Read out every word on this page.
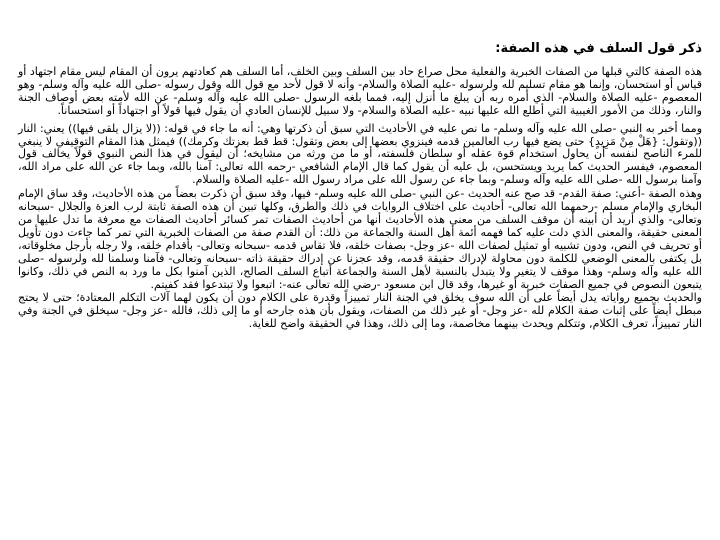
ذكر قول السلف في هذه الصفة:

هذه الصفة كالتي قبلها من الصفات الخبرية والفعلية محل صراع حاد بين السلف وبين الخلف، أما السلف هم كعادتهم يرون أن المقام ليس مقام اجتهاد أو قياس أو استحسان، وإنما هو مقام تسليم لله ولرسوله -عليه الصلاة والسلام- وأنه لا قول لأحد مع قول الله وقول رسوله -صلى الله عليه وآله وسلم- وهو المعصوم -عليه الصلاة والسلام- الذي أمره ربه أن يبلغ ما أنزل إليه، فمما بلغه الرسول -صلى الله عليه وآله وسلم- عن الله لأمته بعض أوصاف الجنة والنار، وذلك من الأمور الغيبية التي أطلع الله عليها نبيه -عليه الصلاة والسلام- ولا سبيل للإنسان العادي أن يقول فيها قولاً أو اجتهاداً أو استحساناً.

ومما أخبر به النبي -صلى الله عليه وآله وسلم- ما نص عليه في الأحاديث التي سبق أن ذكرتها وهي: أنه ما جاء في قوله: ((لا يزال يلقى فيها)) يعني: النار ((وتقول: {هَلْ مِنْ مَزِيدٍ} حتى يضع فيها رب العالمين قدمه فينزوي بعضها إلى بعض وتقول: قط قط بعزتك وكرمك)) فيمثل هذا المقام التوقيفي لا ينبغي للمرء الناصح لنفسه أن يحاول استخدام قوة عقله أو سلطان فلسفته، أو ما من ورثه من مشايخه؛ أن ليقول في هذا النص النبوي قولاً يخالف قول المعصوم، فيفسر الحديث كما يريد ويستحسن، بل عليه أن يقول كما قال الإمام الشافعي -رحمه الله تعالى: آمنا بالله، وبما جاء عن الله على مراد الله، وآمنا برسول الله -صلى الله عليه وآله وسلم- وبما جاء عن رسول الله على مراد رسول الله -عليه الصلاة والسلام.

وهذه الصفة -أعني: صفة القدم- قد صح عنه الحديث -عن النبي -صلى الله عليه وسلم- فيها، وقد سبق أن ذكرت بعضاً من هذه الأحاديث، وقد ساق الإمام البخاري والإمام مسلم -رحمهما الله تعالى- أحاديث على اختلاف الروايات في ذلك والطرق، وكلها تبين أن هذه الصفة ثابتة لرب العزة والجلال -سبحانه وتعالى- والذي أريد أن أبينه أن موقف السلف من معنى هذه الأحاديث أنها من أحاديث الصفات تمر كسائر أحاديث الصفات مع معرفة ما تدل عليها من المعنى حقيقة، والمعنى الذي دلت عليه كما فهمه أئمة أهل السنة والجماعة من ذلك: أن القدم صفة من الصفات الخبرية التي تمر كما جاءت دون تأويل أو تحريف في النص، ودون تشبيه أو تمثيل لصفات الله -عز وجل- بصفات خلقه، فلا تقاس قدمه -سبحانه وتعالى- بأقدام خلقه، ولا رجله بأرجل مخلوقاته، بل يكتفى بالمعنى الوضعي للكلمة دون محاولة لإدراك حقيقة قدمه، وقد عجزنا عن إدراك حقيقة ذاته -سبحانه وتعالى- فآمنا وسلمنا لله ولرسوله -صلى الله عليه وآله وسلم- وهذا موقف لا يتغير ولا يتبدل بالنسبة لأهل السنة والجماعة أتباع السلف الصالح، الذين آمنوا بكل ما ورد به النص في ذلك، وكانوا يتبعون النصوص في جميع الصفات خبرية أو غيرها، وقد قال ابن مسعود -رضي الله تعالى عنه-: اتبعوا ولا تبتدعوا فقد كفيتم.

والحديث بجميع رواياته يدل أيضاً على أن الله سوف يخلق في الجنة النار تمييزاً وقدرة على الكلام دون أن يكون لهما آلات التكلم المعتادة؛ حتى لا يحتج مبطل أيضاً على إثبات صفة الكلام لله -عز وجل- أو غير ذلك من الصفات، ويقول بأن هذه جارحه أو ما إلى ذلك، فالله -عز وجل- سيخلق في الجنة وفي النار تمييزاً، تعرف الكلام, وتتكلم ويحدث بينهما مخاصمة، وما إلى ذلك، وهذا في الحقيقة واضح للغاية.
